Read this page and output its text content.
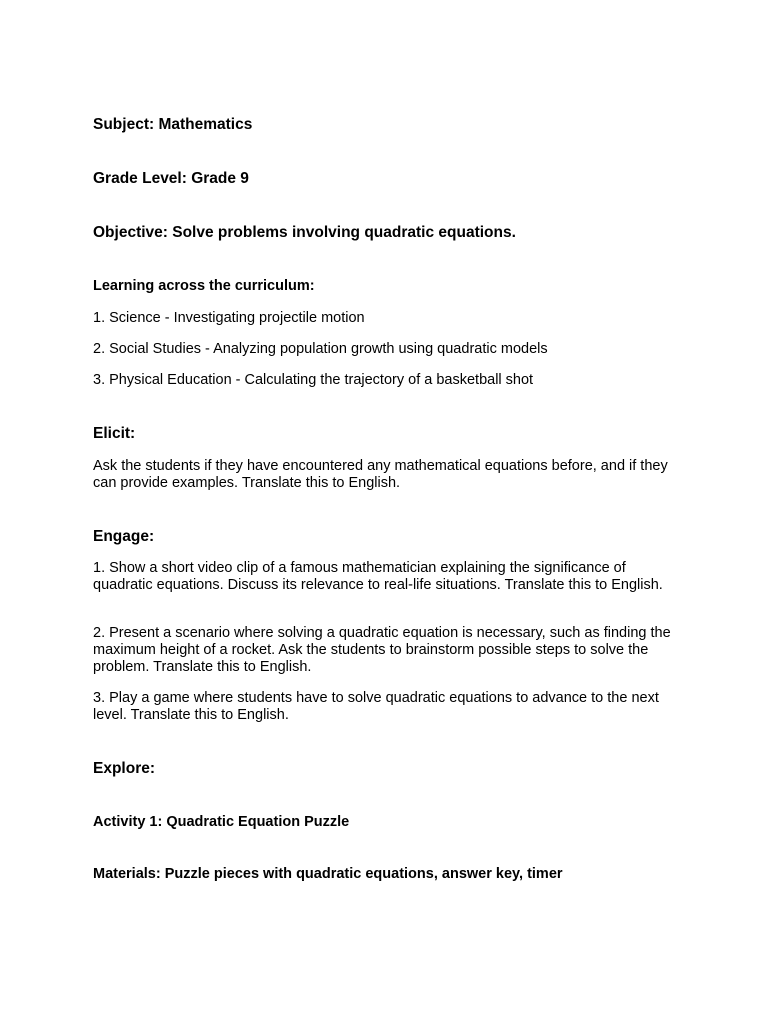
Subject: Mathematics

Grade Level: Grade 9

Objective: Solve problems involving quadratic equations.

Learning across the curriculum:

1. Science - Investigating projectile motion

2. Social Studies - Analyzing population growth using quadratic models

3. Physical Education - Calculating the trajectory of a basketball shot

Elicit:

Ask the students if they have encountered any mathematical equations before, and if they can provide examples. Translate this to English.

Engage:

1. Show a short video clip of a famous mathematician explaining the significance of quadratic equations. Discuss its relevance to real-life situations. Translate this to English.

2. Present a scenario where solving a quadratic equation is necessary, such as finding the maximum height of a rocket. Ask the students to brainstorm possible steps to solve the problem. Translate this to English.

3. Play a game where students have to solve quadratic equations to advance to the next level. Translate this to English.

Explore:

Activity 1: Quadratic Equation Puzzle

Materials: Puzzle pieces with quadratic equations, answer key, timer
